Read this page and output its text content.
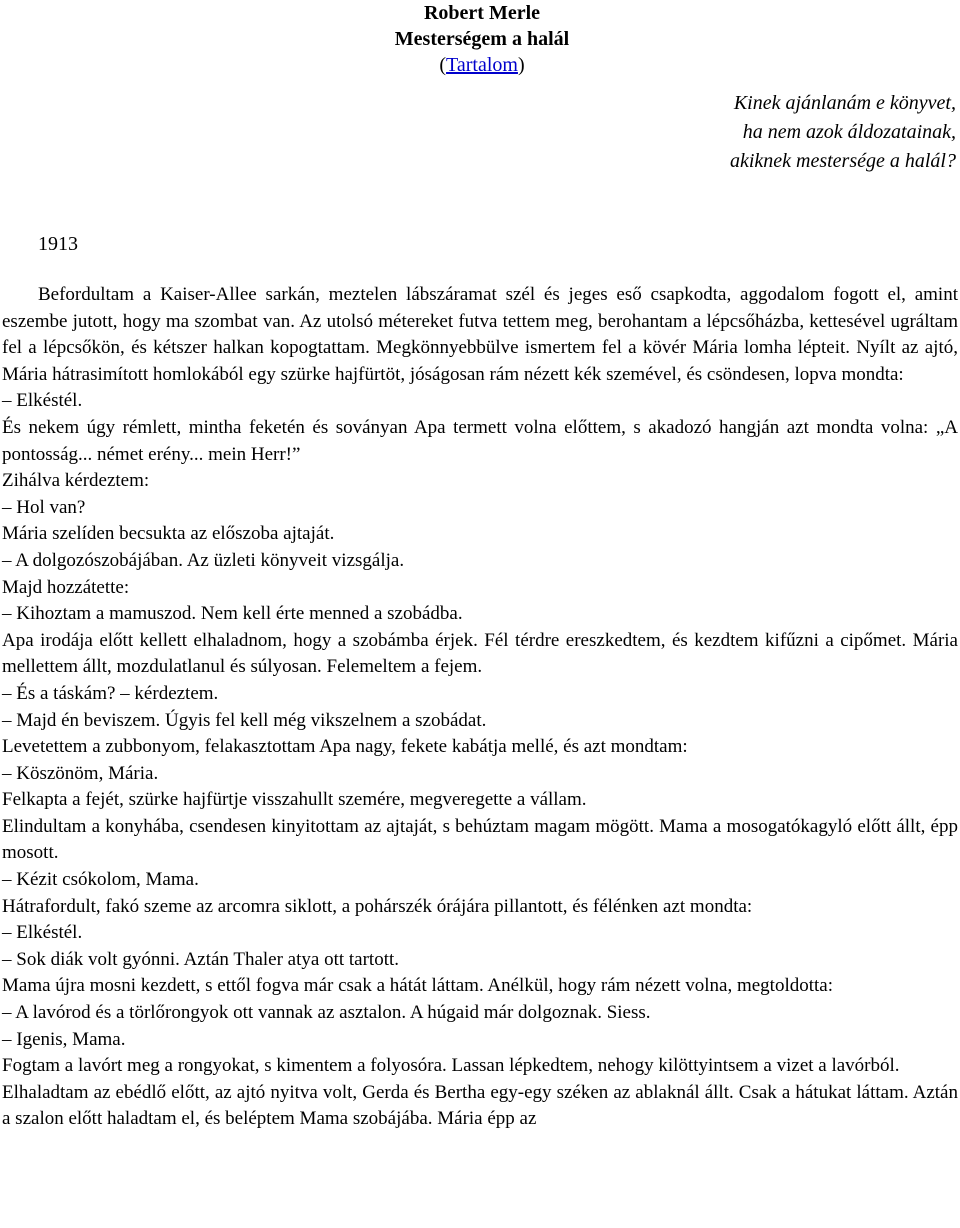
Robert Merle
Mesterségem a halál
(Tartalom)
Kinek ajánlanám e könyvet,
ha nem azok áldozatainak,
akiknek mestersége a halál?
1913

Befordultam a Kaiser-Allee sarkán, meztelen lábszáramat szél és jeges eső csapkodta, aggodalom fogott el, amint eszembe jutott, hogy ma szombat van. Az utolsó métereket futva tettem meg, berohantam a lépcsőházba, kettesével ugráltam fel a lépcsőkön, és kétszer halkan kopogtattam. Megkönnyebbülve ismertem fel a kövér Mária lomha lépteit. Nyílt az ajtó, Mária hátrasimított homlokából egy szürke hajfürtöt, jóságosan rám nézett kék szemével, és csöndesen, lopva mondta:

– Elkéstél.

És nekem úgy rémlett, mintha feketén és soványan Apa termett volna előttem, s akadozó hangján azt mondta volna: „A pontosság... német erény... mein Herr!”

Zihálva kérdeztem:

– Hol van?

Mária szelíden becsukta az előszoba ajtaját.

– A dolgozószobájában. Az üzleti könyveit vizsgálja.

Majd hozzátette:

– Kihoztam a mamuszod. Nem kell érte menned a szobádba.

Apa irodája előtt kellett elhaladnom, hogy a szobámba érjek. Fél térdre ereszkedtem, és kezdtem kifűzni a cipőmet. Mária mellettem állt, mozdulatlanul és súlyosan. Felemeltem a fejem.

– És a táskám? – kérdeztem.

– Majd én beviszem. Úgyis fel kell még vikszelnem a szobádat.

Levetettem a zubbonyom, felakasztottam Apa nagy, fekete kabátja mellé, és azt mondtam:

– Köszönöm, Mária.

Felkapta a fejét, szürke hajfürtje visszahullt szemére, megveregette a vállam.

Elindultam a konyhába, csendesen kinyitottam az ajtaját, s behúztam magam mögött. Mama a mosogatókagyló előtt állt, épp mosott.

– Kézit csókolom, Mama.

Hátrafordult, fakó szeme az arcomra siklott, a pohárszék órájára pillantott, és félénken azt mondta:

– Elkéstél.

– Sok diák volt gyónni. Aztán Thaler atya ott tartott.

Mama újra mosni kezdett, s ettől fogva már csak a hátát láttam. Anélkül, hogy rám nézett volna, megtoldotta:

– A lavórod és a törlőrongyok ott vannak az asztalon. A húgaid már dolgoznak. Siess.

– Igenis, Mama.

Fogtam a lavórt meg a rongyokat, s kimentem a folyosóra. Lassan lépkedtem, nehogy kilöttyintsem a vizet a lavórból.

Elhaladtam az ebédlő előtt, az ajtó nyitva volt, Gerda és Bertha egy-egy széken az ablaknál állt. Csak a hátukat láttam. Aztán a szalon előtt haladtam el, és beléptem Mama szobájába. Mária épp az
